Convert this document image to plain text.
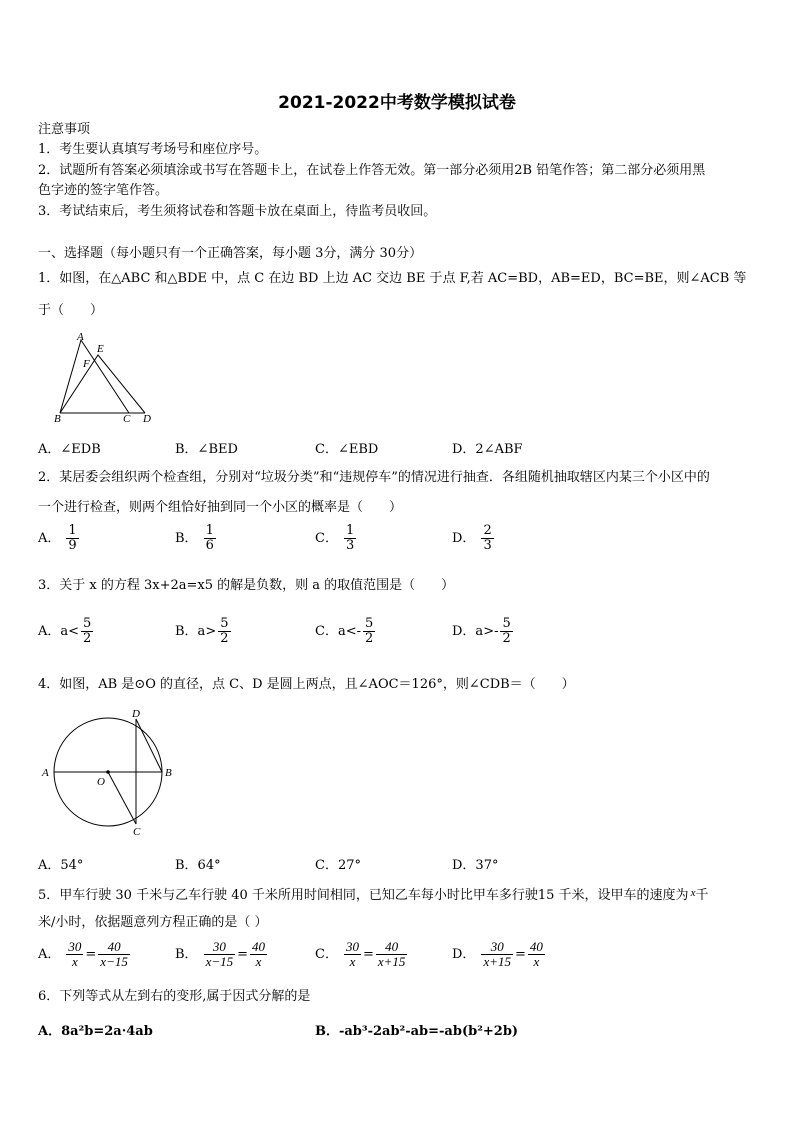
2021-2022中考数学模拟试卷
注意事项
1．考生要认真填写考场号和座位序号。
2．试题所有答案必须填涂或书写在答题卡上，在试卷上作答无效。第一部分必须用2B 铅笔作答；第二部分必须用黑
色字迹的签字笔作答。
3．考试结束后，考生须将试卷和答题卡放在桌面上，待监考员收回。
一、选择题（每小题只有一个正确答案，每小题 3分，满分 30分）
1．如图，在△ABC 和△BDE 中，点 C 在边 BD 上边 AC 交边 BE 于点 F,若 AC=BD，AB=ED，BC=BE，则∠ACB 等
于（　　）
A
E
F
B	C D
A．∠EDB	B．∠BED	C．∠EBD	D．2∠ABF
2．某居委会组织两个检查组，分别对“垃圾分类”和“违规停车”的情况进行抽查．各组随机抽取辖区内某三个小区中的
一个进行检查，则两个组恰好抽到同一个小区的概率是（　　）
A． $\frac{1}{9}$	B． $\frac{1}{6}$	C． $\frac{1}{3}$	D． $\frac{2}{3}$
3．关于 x 的方程 3x+2a=x5 的解是负数，则 a 的取值范围是（　　）
A．$a< \frac{5}{2}$	B．$a> \frac{5}{2}$	C．$a<- \frac{5}{2}$	D．$a>- \frac{5}{2}$
4．如图，AB 是⊙O 的直径，点 C、D 是圆上两点，且∠AOC＝126°，则∠CDB＝（　　）
A	B
D
C
O
A．54°	B．64°	C．27°	D．37°
5．甲车行驶 30 千米与乙车行驶 40 千米所用时间相同，已知乙车每小时比甲车多行驶15 千米，设甲车的速度为 $^x$千
米/小时，依据题意列方程正确的是（ ）
A． $\frac{30}{x} = \frac{40}{x-15}$	B． $\frac{30}{x-15} = \frac{40}{x}$	C． $\frac{30}{x} = \frac{40}{x+15}$	D． $\frac{30}{x+15} = \frac{40}{x}$
6．下列等式从左到右的变形,属于因式分解的是
A．8a²b=2a·4ab	B．-ab³-2ab²-ab=-ab(b²+2b)
